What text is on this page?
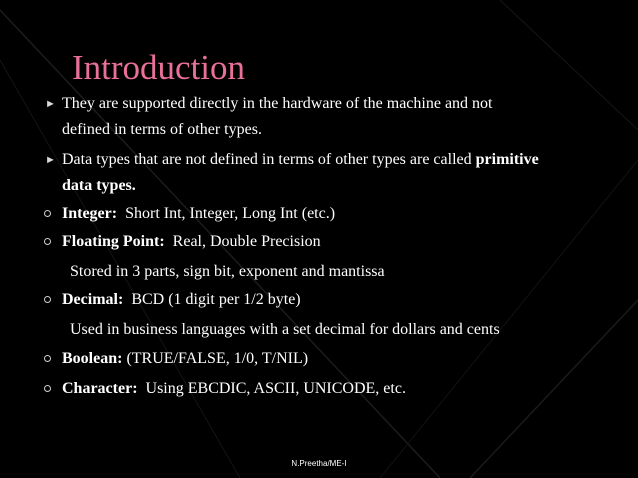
Introduction
► They are supported directly in the hardware of the machine and not
defined in terms of other types.
► Data types that are not defined in terms of other types are called primitive
data types.
Integer: Short Int, Integer, Long Int (etc.)
Floating Point: Real, Double Precision
Stored in 3 parts, sign bit, exponent and mantissa
Decimal: BCD (1 digit per 1/2 byte)
Used in business languages with a set decimal for dollars and cents
Boolean: (TRUE/FALSE, 1/0, T/NIL)
Character: Using EBCDIC, ASCII, UNICODE, etc.
N.Preetha/ME-I
